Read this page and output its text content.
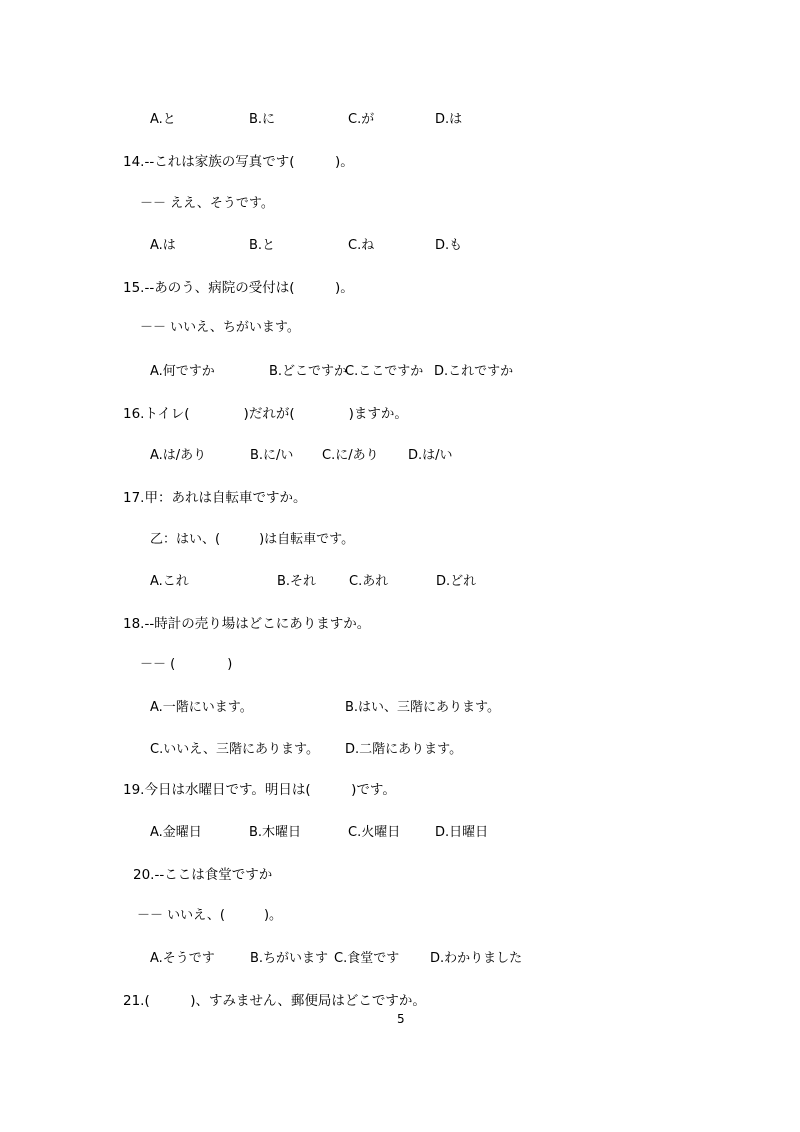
A.と	B.に	C.が	D.は
14.--これは家族の写真です(　　　)。
－－ ええ、そうです。
A.は	B.と	C.ね	D.も
15.--あのう、病院の受付は(　　　)。
－－ いいえ、ちがいます。
A.何ですか	B.どこですか
C.ここですか D.これですか
16.トイレ(　　　　)だれが(　　　　)ますか。
A.は/あり	B.に/い C.に/あり D.は/い
17.甲：あれは自転車ですか。
乙：はい、(　　　)は自転車です。
A.これ	B.それ	C.あれ	D.どれ
18.--時計の売り場はどこにありますか。
－－ (　　　　)
A.一階にいます。	B.はい、三階にあります。
C.いいえ、三階にあります。 D.二階にあります。
19.今日は水曜日です。明日は(　　　)です。
A.金曜日	B.木曜日	C.火曜日	D.日曜日
20.--ここは食堂ですか
－－ いいえ、(　　　)。
A.そうです	B.ちがいます C.食堂です D.わかりました
21.(　　　)、すみません、郵便局はどこですか。
5
